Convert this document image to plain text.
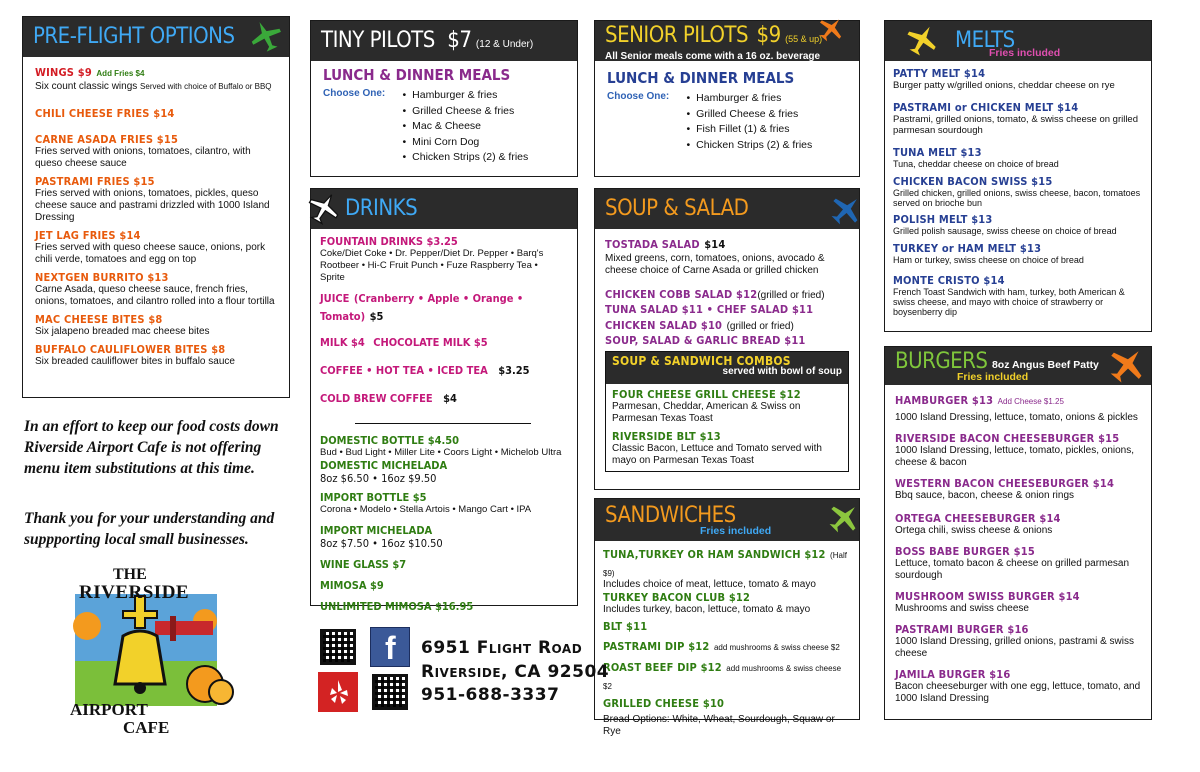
PRE-FLIGHT OPTIONS
WINGS $9 Add Fries $4
Six count classic wings Served with choice of Buffalo or BBQ
CHILI CHEESE FRIES $14
CARNE ASADA FRIES $15
Fries served with onions, tomatoes, cilantro, with queso cheese sauce
PASTRAMI FRIES $15
Fries served with onions, tomatoes, pickles, queso cheese sauce and pastrami drizzled with 1000 Island Dressing
JET LAG FRIES $14
Fries served with queso cheese sauce, onions, pork chili verde, tomatoes and egg on top
NEXTGEN BURRITO $13
Carne Asada, queso cheese sauce, french fries, onions, tomatoes, and cilantro rolled into a flour tortilla
MAC CHEESE BITES $8
Six jalapeno breaded mac cheese bites
BUFFALO CAULIFLOWER BITES $8
Six breaded cauliflower bites in buffalo sauce
In an effort to keep our food costs down Riverside Airport Cafe is not offering menu item substitutions at this time.
Thank you for your understanding and suppporting local small businesses.
THE
RIVERSIDE
AIRPORT
CAFE
TINY PILOTS $7 (12 & Under)
LUNCH & DINNER MEALS
Choose One:	• Hamburger & fries
• Grilled Cheese & fries
• Mac & Cheese
• Mini Corn Dog
• Chicken Strips (2) & fries
DRINKS
FOUNTAIN DRINKS $3.25
Coke/Diet Coke • Dr. Pepper/Diet Dr. Pepper • Barq's Rootbeer • Hi-C Fruit Punch • Fuze Raspberry Tea • Sprite
JUICE (Cranberry • Apple • Orange • Tomato) $5
MILK $4 CHOCOLATE MILK $5
COFFEE • HOT TEA • ICED TEA $3.25
COLD BREW COFFEE $4
DOMESTIC BOTTLE $4.50
Bud • Bud Light • Miller Lite • Coors Light • Michelob Ultra
DOMESTIC MICHELADA
8oz $6.50 • 16oz $9.50
IMPORT BOTTLE $5
Corona • Modelo • Stella Artois • Mango Cart • IPA
IMPORT MICHELADA
8oz $7.50 • 16oz $10.50
WINE GLASS $7
MIMOSA $9
UNLIMITED MIMOSA $16.95
SENIOR PILOTS $9 (55 & up)
All Senior meals come with a 16 oz. beverage
LUNCH & DINNER MEALS
Choose One:	• Hamburger & fries
• Grilled Cheese & fries
• Fish Fillet (1) & fries
• Chicken Strips (2) & fries
SOUP & SALAD
TOSTADA SALAD $14
Mixed greens, corn, tomatoes, onions, avocado & cheese choice of Carne Asada or grilled chicken
CHICKEN COBB SALAD $12(grilled or fried)
TUNA SALAD $11 • CHEF SALAD $11
CHICKEN SALAD $10 (grilled or fried)
SOUP, SALAD & GARLIC BREAD $11
SOUP & SANDWICH COMBOS
served with bowl of soup
FOUR CHEESE GRILL CHEESE $12
Parmesan, Cheddar, American & Swiss on Parmesan Texas Toast
RIVERSIDE BLT $13
Classic Bacon, Lettuce and Tomato served with mayo on Parmesan Texas Toast
SANDWICHES
Fries included
TUNA,TURKEY OR HAM SANDWICH $12 (Half $9)
Includes choice of meat, lettuce, tomato & mayo
TURKEY BACON CLUB $12
Includes turkey, bacon, lettuce, tomato & mayo
BLT $11
PASTRAMI DIP $12 add mushrooms & swiss cheese $2
ROAST BEEF DIP $12 add mushrooms & swiss cheese $2
GRILLED CHEESE $10
Bread Options: White, Wheat, Sourdough, Squaw or Rye
MELTS
Fries included
PATTY MELT $14
Burger patty w/grilled onions, cheddar cheese on rye
PASTRAMI or CHICKEN MELT $14
Pastrami, grilled onions, tomato, & swiss cheese on grilled parmesan sourdough
TUNA MELT $13
Tuna, cheddar cheese on choice of bread
CHICKEN BACON SWISS $15
Grilled chicken, grilled onions, swiss cheese, bacon, tomatoes served on brioche bun
POLISH MELT $13
Grilled polish sausage, swiss cheese on choice of bread
TURKEY or HAM MELT $13
Ham or turkey, swiss cheese on choice of bread
MONTE CRISTO $14
French Toast Sandwich with ham, turkey, both American & swiss cheese, and mayo with choice of strawberry or boysenberry dip
BURGERS 8oz Angus Beef Patty
Fries included
HAMBURGER $13 Add Cheese $1.25
1000 Island Dressing, lettuce, tomato, onions & pickles
RIVERSIDE BACON CHEESEBURGER $15
1000 Island Dressing, lettuce, tomato, pickles, onions, cheese & bacon
WESTERN BACON CHEESEBURGER $14
Bbq sauce, bacon, cheese & onion rings
ORTEGA CHEESEBURGER $14
Ortega chili, swiss cheese & onions
BOSS BABE BURGER $15
Lettuce, tomato bacon & cheese on grilled parmesan sourdough
MUSHROOM SWISS BURGER $14
Mushrooms and swiss cheese
PASTRAMI BURGER $16
1000 Island Dressing, grilled onions, pastrami & swiss cheese
JAMILA BURGER $16
Bacon cheeseburger with one egg, lettuce, tomato, and 1000 Island Dressing
f 6951 Flight Road
Riverside, CA 92504
951-688-3337
